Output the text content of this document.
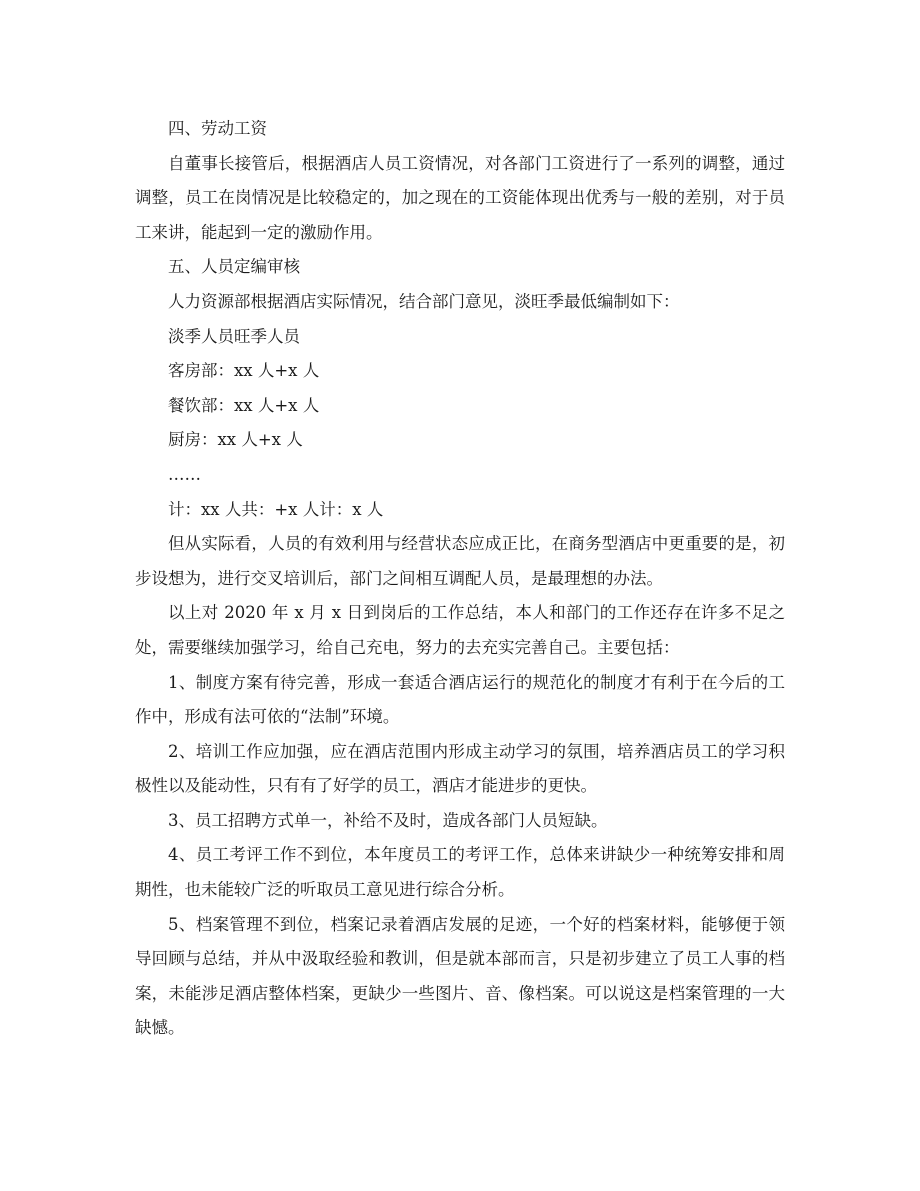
四、劳动工资

自董事长接管后，根据酒店人员工资情况，对各部门工资进行了一系列的调整，通过调整，员工在岗情况是比较稳定的，加之现在的工资能体现出优秀与一般的差别，对于员工来讲，能起到一定的激励作用。

五、人员定编审核

人力资源部根据酒店实际情况，结合部门意见，淡旺季最低编制如下：

淡季人员旺季人员

客房部：xx 人+x 人

餐饮部：xx 人+x 人

厨房：xx 人+x 人

……

计：xx 人共：+x 人计：x 人

但从实际看，人员的有效利用与经营状态应成正比，在商务型酒店中更重要的是，初步设想为，进行交叉培训后，部门之间相互调配人员，是最理想的办法。

以上对 2020 年 x 月 x 日到岗后的工作总结，本人和部门的工作还存在许多不足之处，需要继续加强学习，给自己充电，努力的去充实完善自己。主要包括：

1、制度方案有待完善，形成一套适合酒店运行的规范化的制度才有利于在今后的工作中，形成有法可依的“法制”环境。

2、培训工作应加强，应在酒店范围内形成主动学习的氛围，培养酒店员工的学习积极性以及能动性，只有有了好学的员工，酒店才能进步的更快。

3、员工招聘方式单一，补给不及时，造成各部门人员短缺。

4、员工考评工作不到位，本年度员工的考评工作，总体来讲缺少一种统筹安排和周期性，也未能较广泛的听取员工意见进行综合分析。

5、档案管理不到位，档案记录着酒店发展的足迹，一个好的档案材料，能够便于领导回顾与总结，并从中汲取经验和教训，但是就本部而言，只是初步建立了员工人事的档案，未能涉足酒店整体档案，更缺少一些图片、音、像档案。可以说这是档案管理的一大缺憾。
